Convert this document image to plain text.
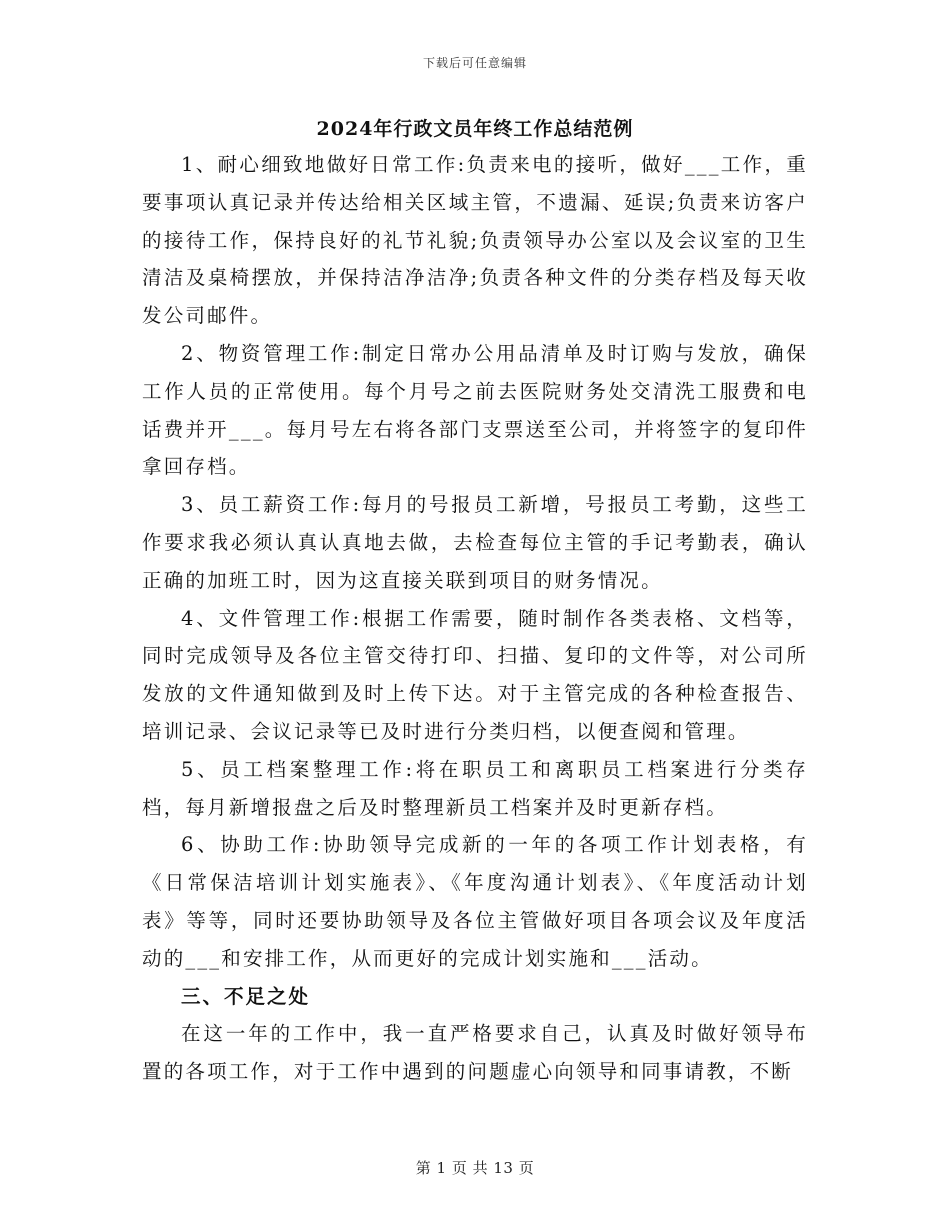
下载后可任意编辑
2024年行政文员年终工作总结范例

1、耐心细致地做好日常工作:负责来电的接听，做好___工作，重要事项认真记录并传达给相关区域主管，不遗漏、延误;负责来访客户的接待工作，保持良好的礼节礼貌;负责领导办公室以及会议室的卫生清洁及桌椅摆放，并保持洁净洁净;负责各种文件的分类存档及每天收发公司邮件。

2、物资管理工作:制定日常办公用品清单及时订购与发放，确保工作人员的正常使用。每个月号之前去医院财务处交清洗工服费和电话费并开___。每月号左右将各部门支票送至公司，并将签字的复印件拿回存档。

3、员工薪资工作:每月的号报员工新增，号报员工考勤，这些工作要求我必须认真认真地去做，去检查每位主管的手记考勤表，确认正确的加班工时，因为这直接关联到项目的财务情况。

4、文件管理工作:根据工作需要，随时制作各类表格、文档等，同时完成领导及各位主管交待打印、扫描、复印的文件等，对公司所发放的文件通知做到及时上传下达。对于主管完成的各种检查报告、培训记录、会议记录等已及时进行分类归档，以便查阅和管理。

5、员工档案整理工作:将在职员工和离职员工档案进行分类存档，每月新增报盘之后及时整理新员工档案并及时更新存档。

6、协助工作:协助领导完成新的一年的各项工作计划表格，有《日常保洁培训计划实施表》、《年度沟通计划表》、《年度活动计划表》等等，同时还要协助领导及各位主管做好项目各项会议及年度活动的___和安排工作，从而更好的完成计划实施和___活动。

三、不足之处

在这一年的工作中，我一直严格要求自己，认真及时做好领导布置的各项工作，对于工作中遇到的问题虚心向领导和同事请教，不断

第 1 页 共 13 页
